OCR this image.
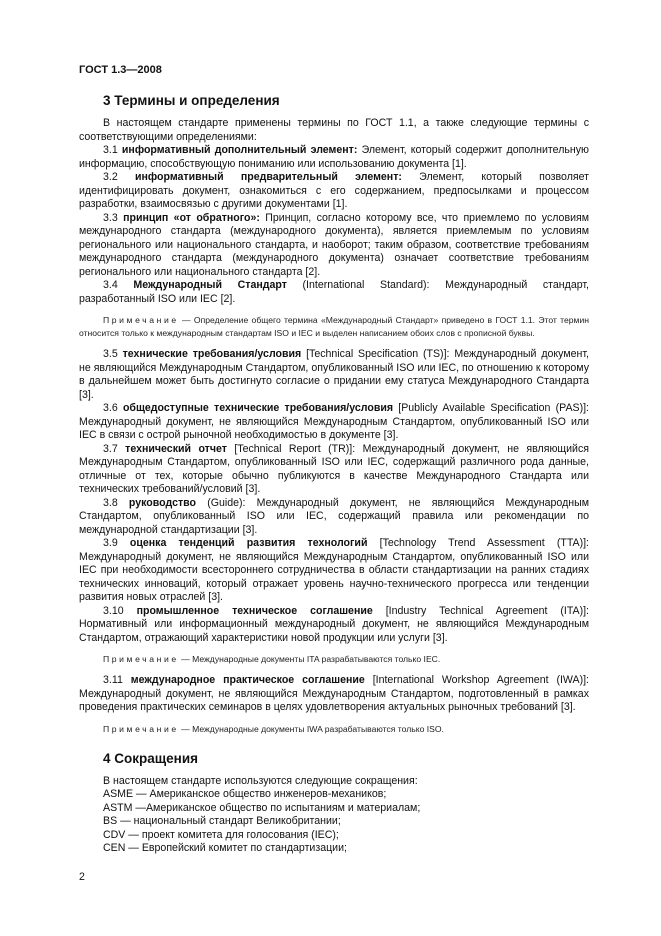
ГОСТ 1.3—2008
3 Термины и определения

В настоящем стандарте применены термины по ГОСТ 1.1, а также следующие термины с соответствующими определениями:

3.1 информативный дополнительный элемент: Элемент, который содержит дополнительную информацию, способствующую пониманию или использованию документа [1].

3.2 информативный предварительный элемент: Элемент, который позволяет идентифицировать документ, ознакомиться с его содержанием, предпосылками и процессом разработки, взаимосвязью с другими документами [1].

3.3 принцип «от обратного»: Принцип, согласно которому все, что приемлемо по условиям международного стандарта (международного документа), является приемлемым по условиям регионального или национального стандарта, и наоборот; таким образом, соответствие требованиям международного стандарта (международного документа) означает соответствие требованиям регионального или национального стандарта [2].

3.4 Международный Стандарт (International Standard): Международный стандарт, разработанный ISO или IEC [2].

Примечание — Определение общего термина «Международный Стандарт» приведено в ГОСТ 1.1. Этот термин относится только к международным стандартам ISO и IEC и выделен написанием обоих слов с прописной буквы.

3.5 технические требования/условия [Technical Specification (TS)]: Международный документ, не являющийся Международным Стандартом, опубликованный ISO или IEC, по отношению к которому в дальнейшем может быть достигнуто согласие о придании ему статуса Международного Стандарта [3].

3.6 общедоступные технические требования/условия [Publicly Available Specification (PAS)]: Международный документ, не являющийся Международным Стандартом, опубликованный ISO или IEC в связи с острой рыночной необходимостью в документе [3].

3.7 технический отчет [Technical Report (TR)]: Международный документ, не являющийся Международным Стандартом, опубликованный ISO или IEC, содержащий различного рода данные, отличные от тех, которые обычно публикуются в качестве Международного Стандарта или технических требований/условий [3].

3.8 руководство (Guide): Международный документ, не являющийся Международным Стандартом, опубликованный ISO или IEC, содержащий правила или рекомендации по международной стандартизации [3].

3.9 оценка тенденций развития технологий [Technology Trend Assessment (TTA)]: Международный документ, не являющийся Международным Стандартом, опубликованный ISO или IEC при необходимости всестороннего сотрудничества в области стандартизации на ранних стадиях технических инноваций, который отражает уровень научно-технического прогресса или тенденции развития новых отраслей [3].

3.10 промышленное техническое соглашение [Industry Technical Agreement (ITA)]: Нормативный или информационный международный документ, не являющийся Международным Стандартом, отражающий характеристики новой продукции или услуги [3].

Примечание — Международные документы ITA разрабатываются только IEC.

3.11 международное практическое соглашение [International Workshop Agreement (IWA)]: Международный документ, не являющийся Международным Стандартом, подготовленный в рамках проведения практических семинаров в целях удовлетворения актуальных рыночных требований [3].

Примечание — Международные документы IWA разрабатываются только ISO.

4 Сокращения
В настоящем стандарте используются следующие сокращения:
ASME — Американское общество инженеров-механиков;
ASTM —Американское общество по испытаниям и материалам;
BS — национальный стандарт Великобритании;
CDV — проект комитета для голосования (IEC);
CEN — Европейский комитет по стандартизации;
2
